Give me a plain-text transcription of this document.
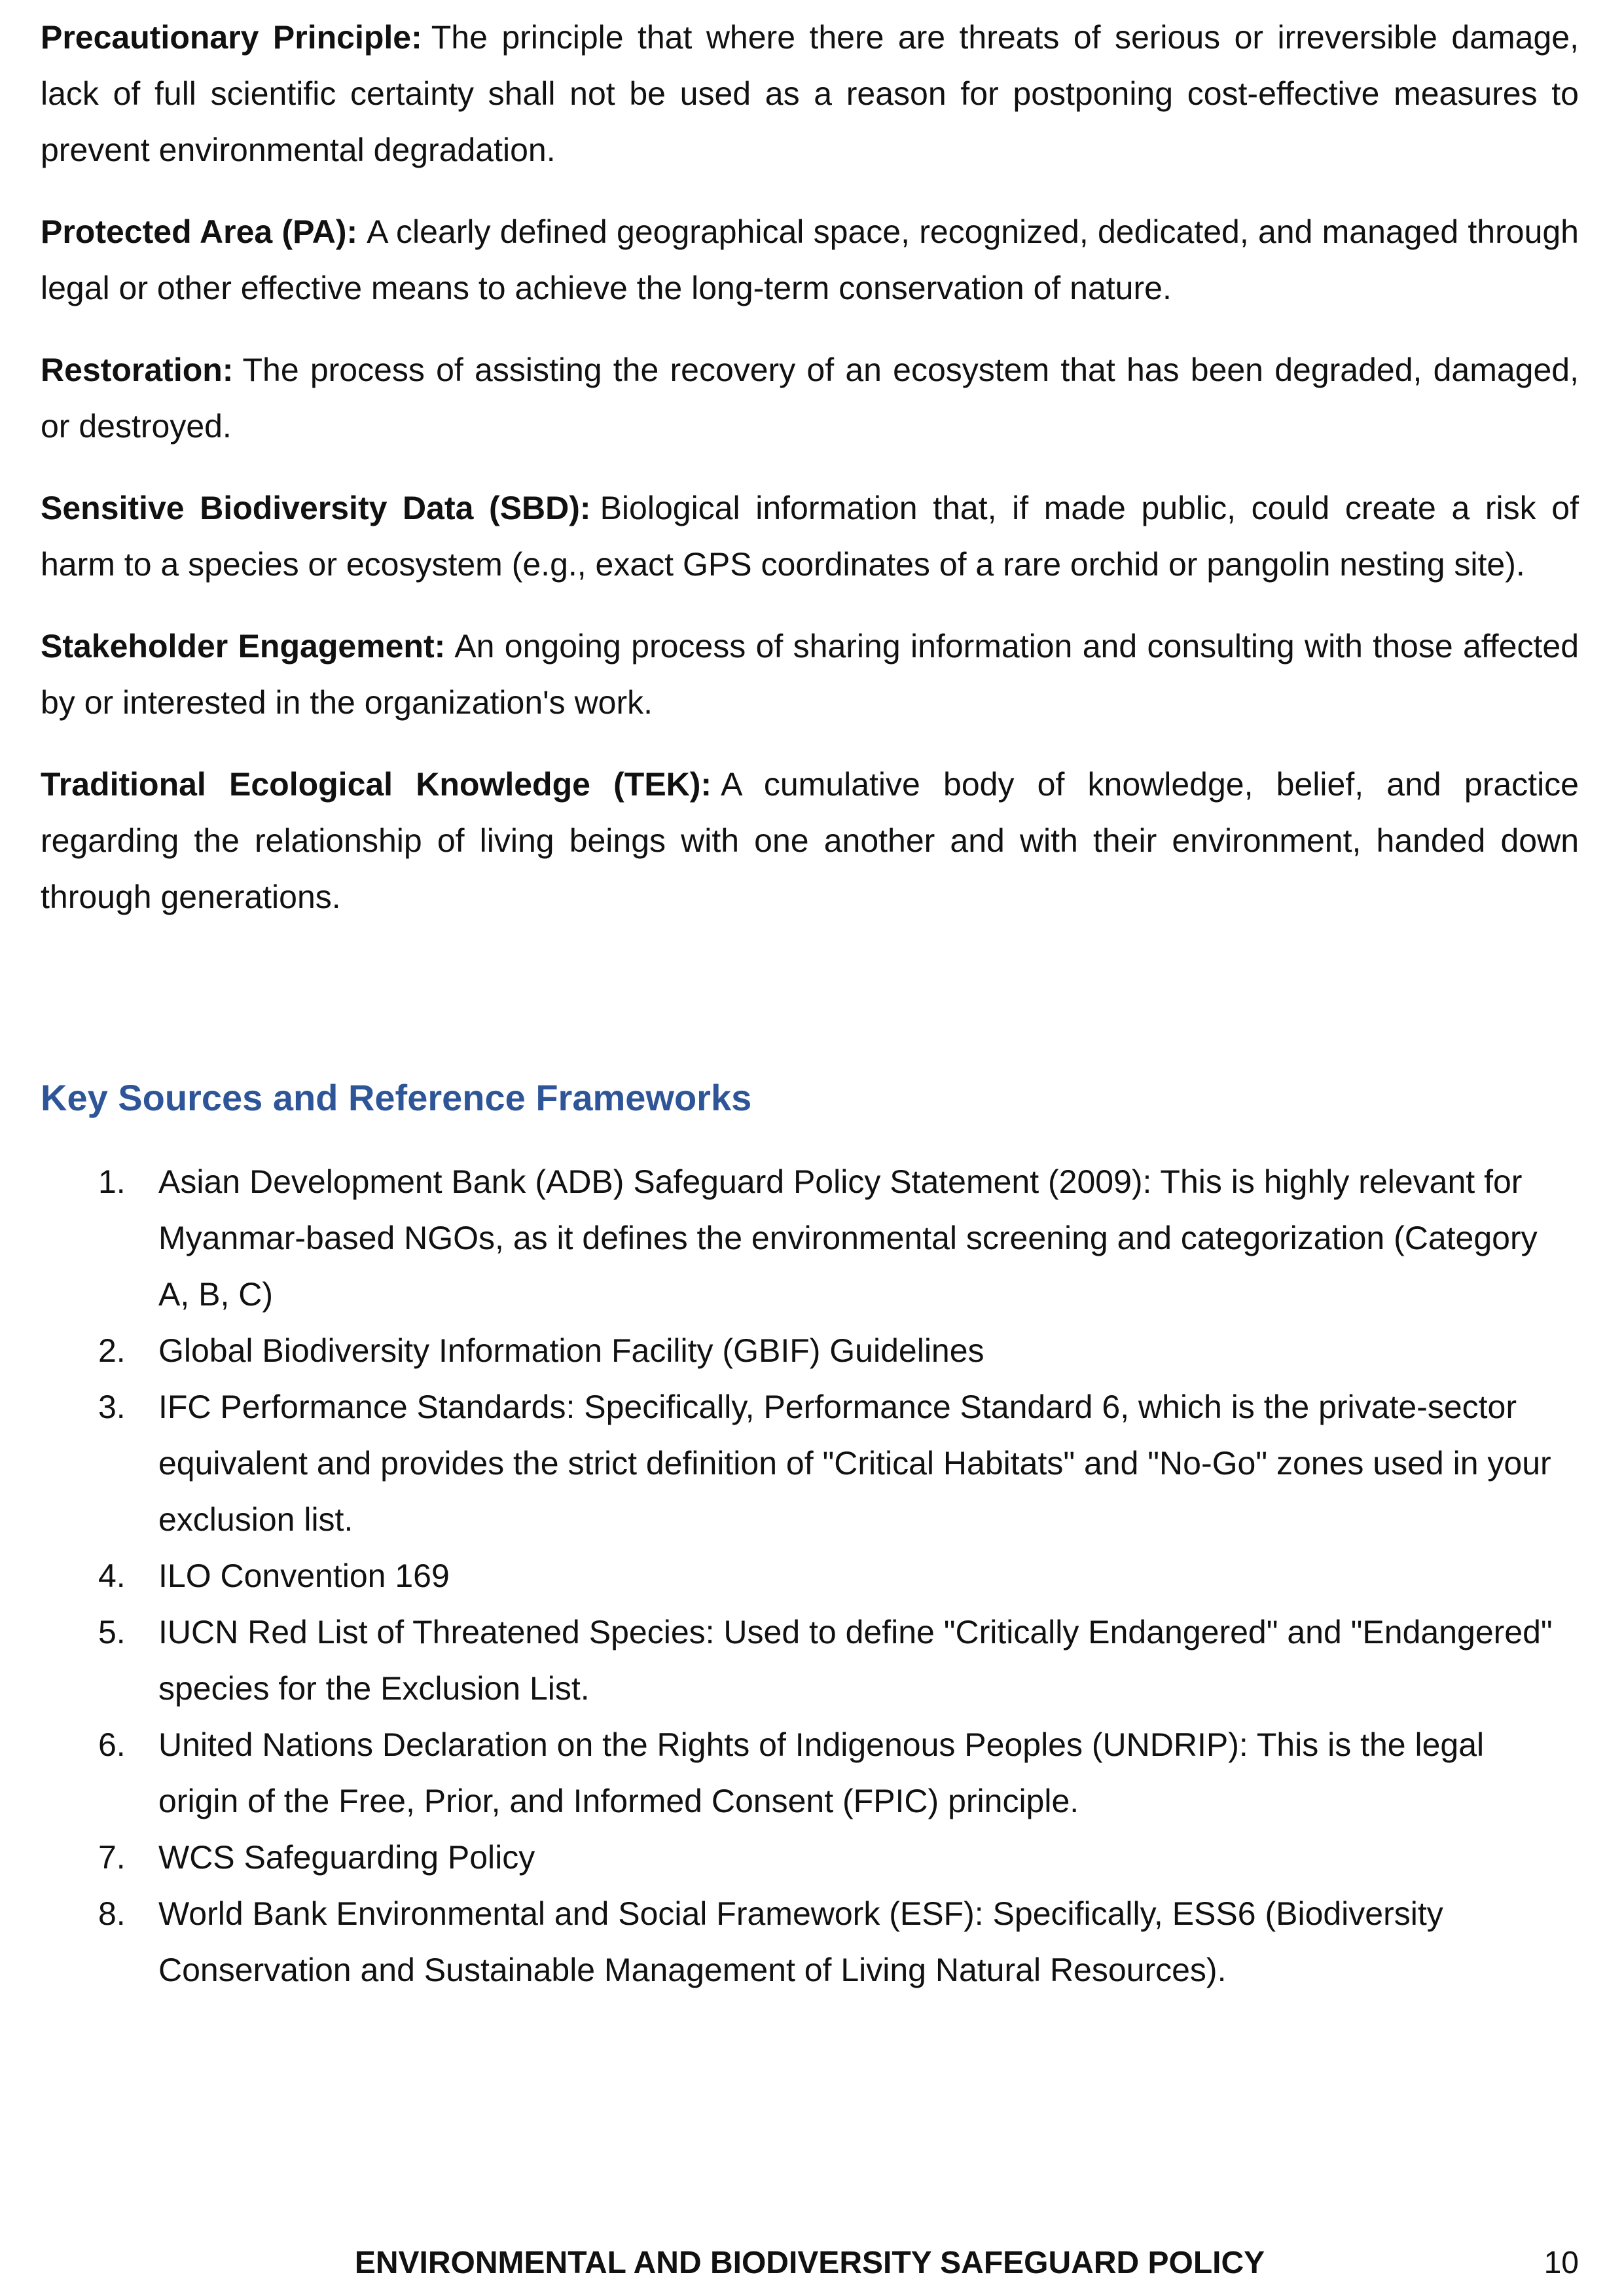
Precautionary Principle: The principle that where there are threats of serious or irreversible damage, lack of full scientific certainty shall not be used as a reason for postponing cost-effective measures to prevent environmental degradation.

Protected Area (PA): A clearly defined geographical space, recognized, dedicated, and managed through legal or other effective means to achieve the long-term conservation of nature.

Restoration: The process of assisting the recovery of an ecosystem that has been degraded, damaged, or destroyed.

Sensitive Biodiversity Data (SBD): Biological information that, if made public, could create a risk of harm to a species or ecosystem (e.g., exact GPS coordinates of a rare orchid or pangolin nesting site).

Stakeholder Engagement: An ongoing process of sharing information and consulting with those affected by or interested in the organization's work.

Traditional Ecological Knowledge (TEK): A cumulative body of knowledge, belief, and practice regarding the relationship of living beings with one another and with their environment, handed down through generations.

Key Sources and Reference Frameworks
1. Asian Development Bank (ADB) Safeguard Policy Statement (2009): This is highly relevant for Myanmar-based NGOs, as it defines the environmental screening and categorization (Category A, B, C)
2. Global Biodiversity Information Facility (GBIF) Guidelines
3. IFC Performance Standards: Specifically, Performance Standard 6, which is the private-sector equivalent and provides the strict definition of "Critical Habitats" and "No-Go" zones used in your exclusion list.
4. ILO Convention 169
5. IUCN Red List of Threatened Species: Used to define "Critically Endangered" and "Endangered" species for the Exclusion List.
6. United Nations Declaration on the Rights of Indigenous Peoples (UNDRIP): This is the legal origin of the Free, Prior, and Informed Consent (FPIC) principle.
7. WCS Safeguarding Policy
8. World Bank Environmental and Social Framework (ESF): Specifically, ESS6 (Biodiversity Conservation and Sustainable Management of Living Natural Resources).
ENVIRONMENTAL AND BIODIVERSITY SAFEGUARD POLICY	10
